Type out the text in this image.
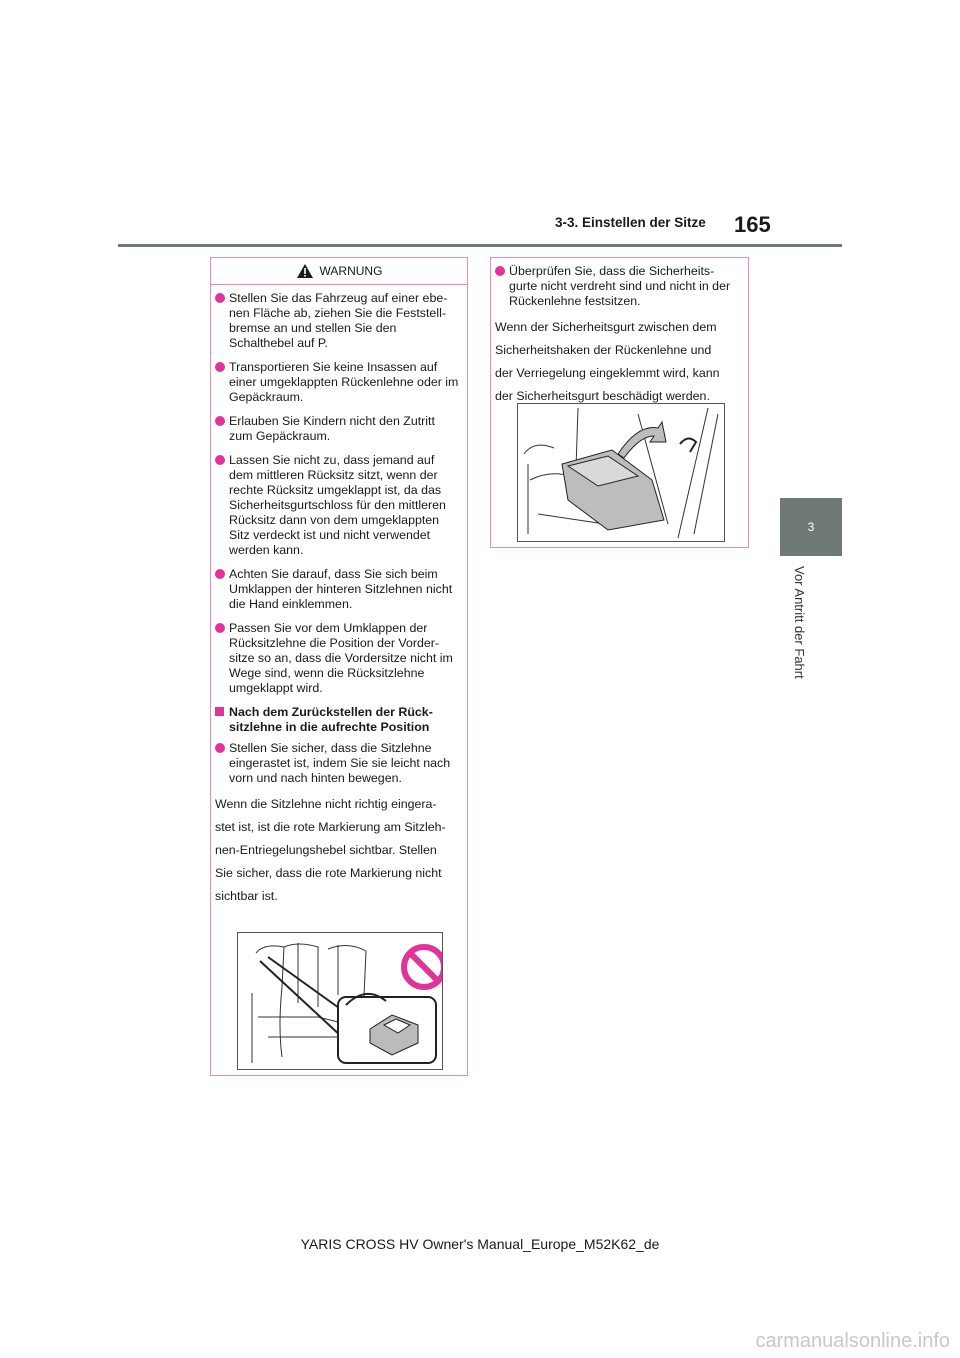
3-3. Einstellen der Sitze 165
3
Vor Antritt der Fahrt
WARNUNG
Stellen Sie das Fahrzeug auf einer ebe-nen Fläche ab, ziehen Sie die Feststell-bremse an und stellen Sie den Schalthebel auf P.
Transportieren Sie keine Insassen auf einer umgeklappten Rückenlehne oder im Gepäckraum.
Erlauben Sie Kindern nicht den Zutritt zum Gepäckraum.
Lassen Sie nicht zu, dass jemand auf dem mittleren Rücksitz sitzt, wenn der rechte Rücksitz umgeklappt ist, da das Sicherheitsgurtschloss für den mittleren Rücksitz dann von dem umgeklappten Sitz verdeckt ist und nicht verwendet werden kann.
Achten Sie darauf, dass Sie sich beim Umklappen der hinteren Sitzlehnen nicht die Hand einklemmen.
Passen Sie vor dem Umklappen der Rücksitzlehne die Position der Vorder-sitze so an, dass die Vordersitze nicht im Wege sind, wenn die Rücksitzlehne umgeklappt wird.
Nach dem Zurückstellen der Rück-sitzlehne in die aufrechte Position
Stellen Sie sicher, dass die Sitzlehne eingerastet ist, indem Sie sie leicht nach vorn und nach hinten bewegen.
Wenn die Sitzlehne nicht richtig eingera-
stet ist, ist die rote Markierung am Sitzleh-
nen-Entriegelungshebel sichtbar. Stellen
Sie sicher, dass die rote Markierung nicht
sichtbar ist.
Überprüfen Sie, dass die Sicherheits-gurte nicht verdreht sind und nicht in der Rückenlehne festsitzen.
Wenn der Sicherheitsgurt zwischen dem
Sicherheitshaken der Rückenlehne und
der Verriegelung eingeklemmt wird, kann
der Sicherheitsgurt beschädigt werden.
YARIS CROSS HV Owner's Manual_Europe_M52K62_de
carmanualsonline.info
